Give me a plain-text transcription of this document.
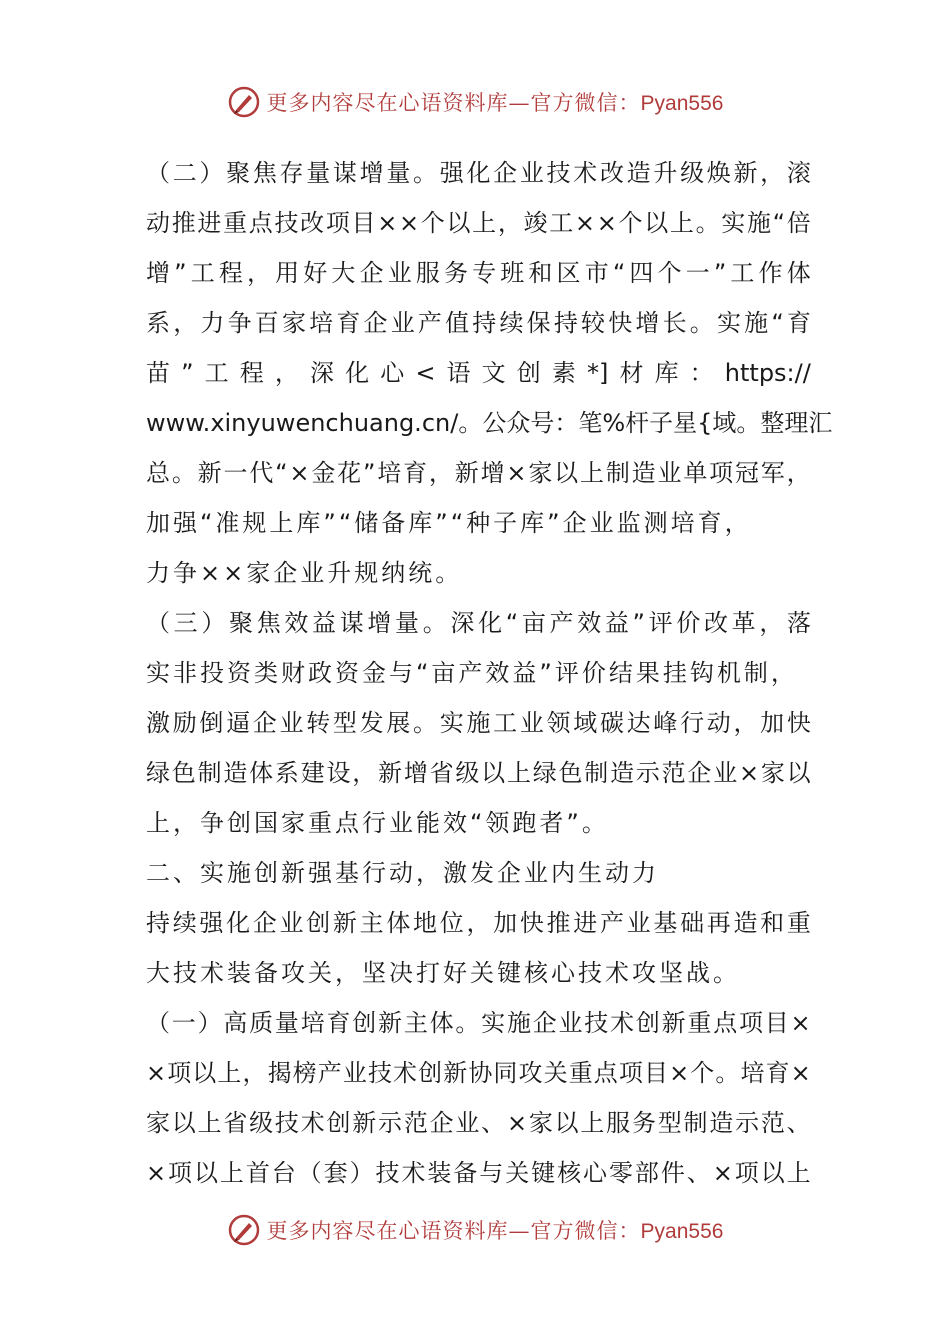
更多内容尽在心语资料库—官方微信：Pyan556
（ 二 ） 聚 焦 存 量 谋 增 量 。 强 化 企 业 技 术 改 造 升 级 焕 新 ， 滚
动 推 进 重 点 技 改 项 目 × × 个 以 上 ， 竣 工 × × 个 以 上 。 实 施 “ 倍
增 ” 工 程 ， 用 好 大 企 业 服 务 专 班 和 区 市 “ 四 个 一 ” 工 作 体
系 ， 力 争 百 家 培 育 企 业 产 值 持 续 保 持 较 快 增 长 。 实 施 “ 育
苗 ” 工 程 ， 深 化 心 < 语 文 创 素 *] 材 库 ： https://
www.xinyuwenchuang.cn/ 。 公 众 号 ： 笔 % 杆 子 星 { 域 。 整 理 汇
总 。 新 一 代 “ × 金 花 ” 培 育 ， 新 增 × 家 以 上 制 造 业 单 项 冠 军 ，
加强“准规上库”“储备库”“种子库”企业监测培育，
力争××家企业升规纳统。
（ 三 ） 聚 焦 效 益 谋 增 量 。 深 化 “ 亩 产 效 益 ” 评 价 改 革 ， 落
实非投资类财政资金与“亩产效益”评价结果挂钩机制，
激 励 倒 逼 企 业 转 型 发 展 。 实 施 工 业 领 域 碳 达 峰 行 动 ， 加 快
绿 色 制 造 体 系 建 设 ， 新 增 省 级 以 上 绿 色 制 造 示 范 企 业 × 家 以
上，争创国家重点行业能效“领跑者”。
二、实施创新强基行动，激发企业内生动力
持 续 强 化 企 业 创 新 主 体 地 位 ， 加 快 推 进 产 业 基 础 再 造 和 重
大技术装备攻关，坚决打好关键核心技术攻坚战。
（ 一 ） 高 质 量 培 育 创 新 主 体 。 实 施 企 业 技 术 创 新 重 点 项 目 ×
× 项 以 上 ， 揭 榜 产 业 技 术 创 新 协 同 攻 关 重 点 项 目 × 个 。 培 育 ×
家 以 上 省 级 技 术 创 新 示 范 企 业 、 × 家 以 上 服 务 型 制 造 示 范 、
× 项 以 上 首 台 （ 套 ） 技 术 装 备 与 关 键 核 心 零 部 件 、 × 项 以 上
更多内容尽在心语资料库—官方微信：Pyan556
